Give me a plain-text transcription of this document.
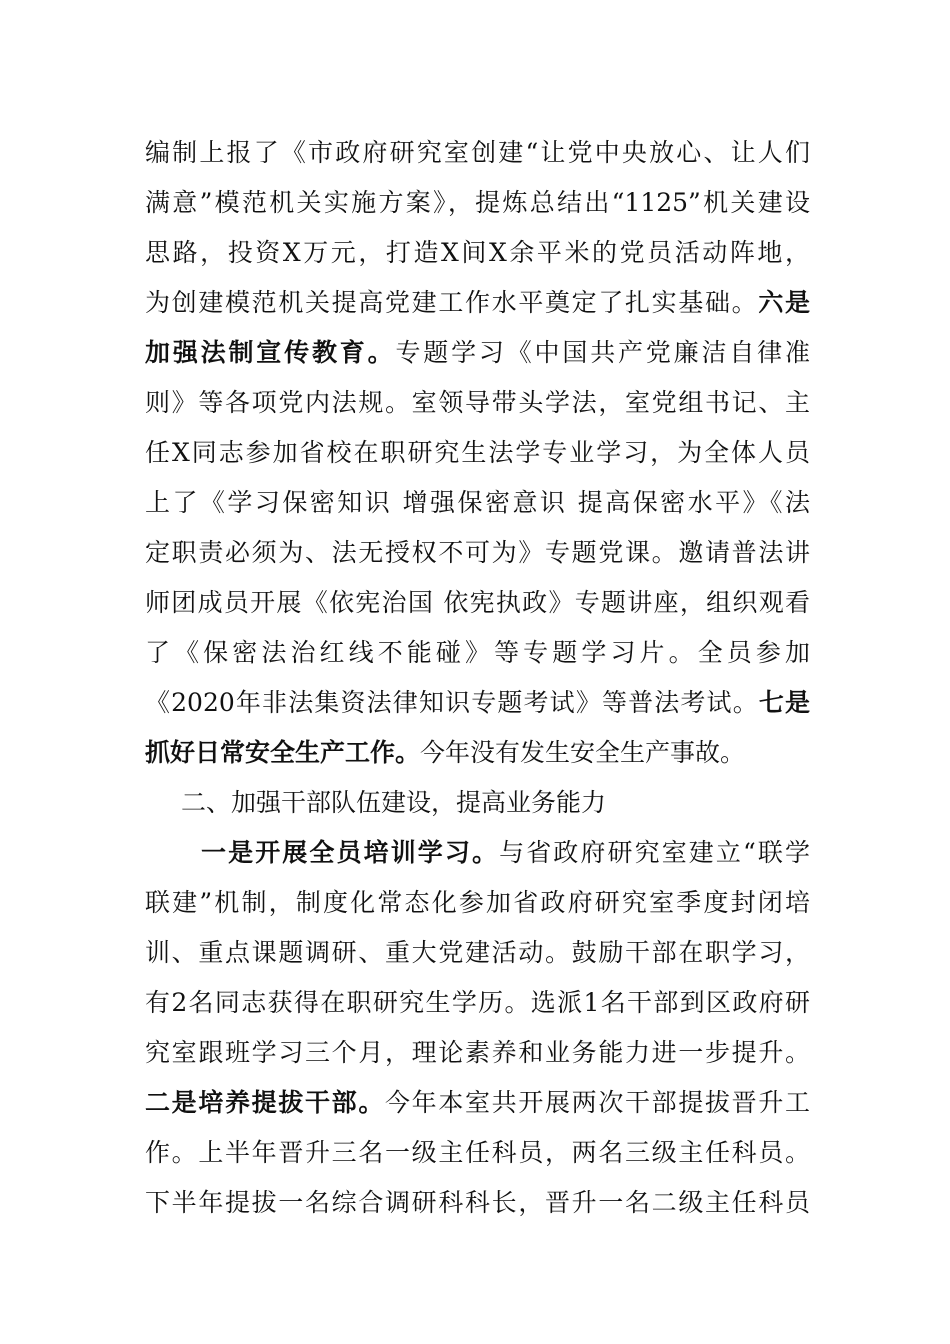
编制上报了《市政府研究室创建“让党中央放心、让人们
满意”模范机关实施方案》，提炼总结出“1125”机关建设
思路，投资X万元，打造X间X余平米的党员活动阵地，
为创建模范机关提高党建工作水平奠定了扎实基础。六是
加强法制宣传教育。专题学习《中国共产党廉洁自律准
则》等各项党内法规。室领导带头学法，室党组书记、主
任X同志参加省校在职研究生法学专业学习，为全体人员
上了《学习保密知识 增强保密意识 提高保密水平》《法
定职责必须为、法无授权不可为》专题党课。邀请普法讲
师团成员开展《依宪治国 依宪执政》专题讲座，组织观看
了《保密法治红线不能碰》等专题学习片。全员参加
《2020年非法集资法律知识专题考试》等普法考试。七是
抓好日常安全生产工作。今年没有发生安全生产事故。
二、加强干部队伍建设，提高业务能力
一是开展全员培训学习。与省政府研究室建立“联学
联建”机制，制度化常态化参加省政府研究室季度封闭培
训、重点课题调研、重大党建活动。鼓励干部在职学习，
有2名同志获得在职研究生学历。选派1名干部到区政府研
究室跟班学习三个月，理论素养和业务能力进一步提升。
二是培养提拔干部。今年本室共开展两次干部提拔晋升工
作。上半年晋升三名一级主任科员，两名三级主任科员。
下半年提拔一名综合调研科科长，晋升一名二级主任科员
